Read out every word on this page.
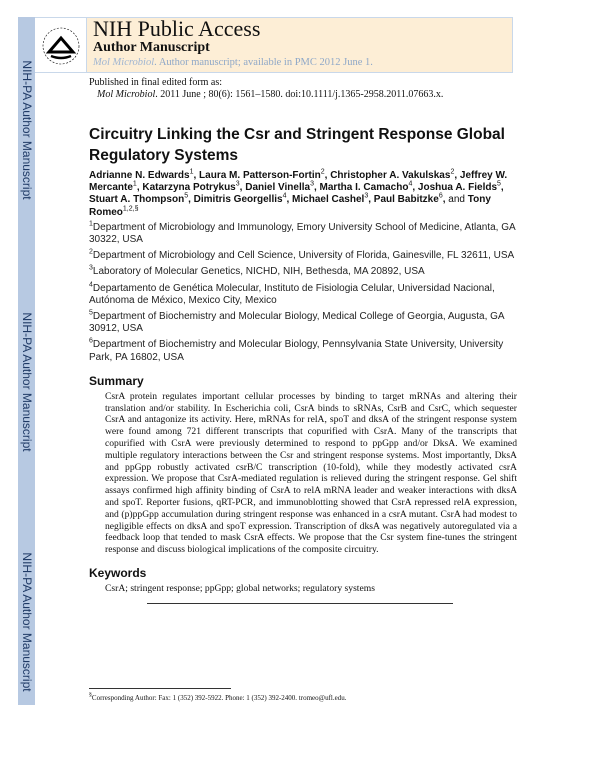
NIH-PA Author Manuscript
NIH-PA Author Manuscript
NIH-PA Author Manuscript
NIH Public Access
Author Manuscript
Mol Microbiol. Author manuscript; available in PMC 2012 June 1.
Published in final edited form as:
Mol Microbiol. 2011 June ; 80(6): 1561–1580. doi:10.1111/j.1365-2958.2011.07663.x.
Circuitry Linking the Csr and Stringent Response Global Regulatory Systems
Adrianne N. Edwards$^1$, Laura M. Patterson-Fortin$^2$, Christopher A. Vakulskas$^2$, Jeffrey W. Mercante$^1$, Katarzyna Potrykus$^3$, Daniel Vinella$^3$, Martha I. Camacho$^4$, Joshua A. Fields$^5$, Stuart A. Thompson$^5$, Dimitris Georgellis$^4$, Michael Cashel$^3$, Paul Babitzke$^6$, and Tony Romeo$^{1,2,\S}$
$^1$Department of Microbiology and Immunology, Emory University School of Medicine, Atlanta, GA 30322, USA
$^2$Department of Microbiology and Cell Science, University of Florida, Gainesville, FL 32611, USA
$^3$Laboratory of Molecular Genetics, NICHD, NIH, Bethesda, MA 20892, USA
$^4$Departamento de Genética Molecular, Instituto de Fisiologia Celular, Universidad Nacional, Autónoma de México, Mexico City, Mexico
$^5$Department of Biochemistry and Molecular Biology, Medical College of Georgia, Augusta, GA 30912, USA
$^6$Department of Biochemistry and Molecular Biology, Pennsylvania State University, University Park, PA 16802, USA
Summary
CsrA protein regulates important cellular processes by binding to target mRNAs and altering their translation and/or stability. In Escherichia coli, CsrA binds to sRNAs, CsrB and CsrC, which sequester CsrA and antagonize its activity. Here, mRNAs for relA, spoT and dksA of the stringent response system were found among 721 different transcripts that copurified with CsrA. Many of the transcripts that copurified with CsrA were previously determined to respond to ppGpp and/or DksA. We examined multiple regulatory interactions between the Csr and stringent response systems. Most importantly, DksA and ppGpp robustly activated csrB/C transcription (10-fold), while they modestly activated csrA expression. We propose that CsrA-mediated regulation is relieved during the stringent response. Gel shift assays confirmed high affinity binding of CsrA to relA mRNA leader and weaker interactions with dksA and spoT. Reporter fusions, qRT-PCR, and immunoblotting showed that CsrA repressed relA expression, and (p)ppGpp accumulation during stringent response was enhanced in a csrA mutant. CsrA had modest to negligible effects on dksA and spoT expression. Transcription of dksA was negatively autoregulated via a feedback loop that tended to mask CsrA effects. We propose that the Csr system fine-tunes the stringent response and discuss biological implications of the composite circuitry.
Keywords
CsrA; stringent response; ppGpp; global networks; regulatory systems
§Corresponding Author: Fax: 1 (352) 392-5922. Phone: 1 (352) 392-2400. tromeo@ufl.edu.
